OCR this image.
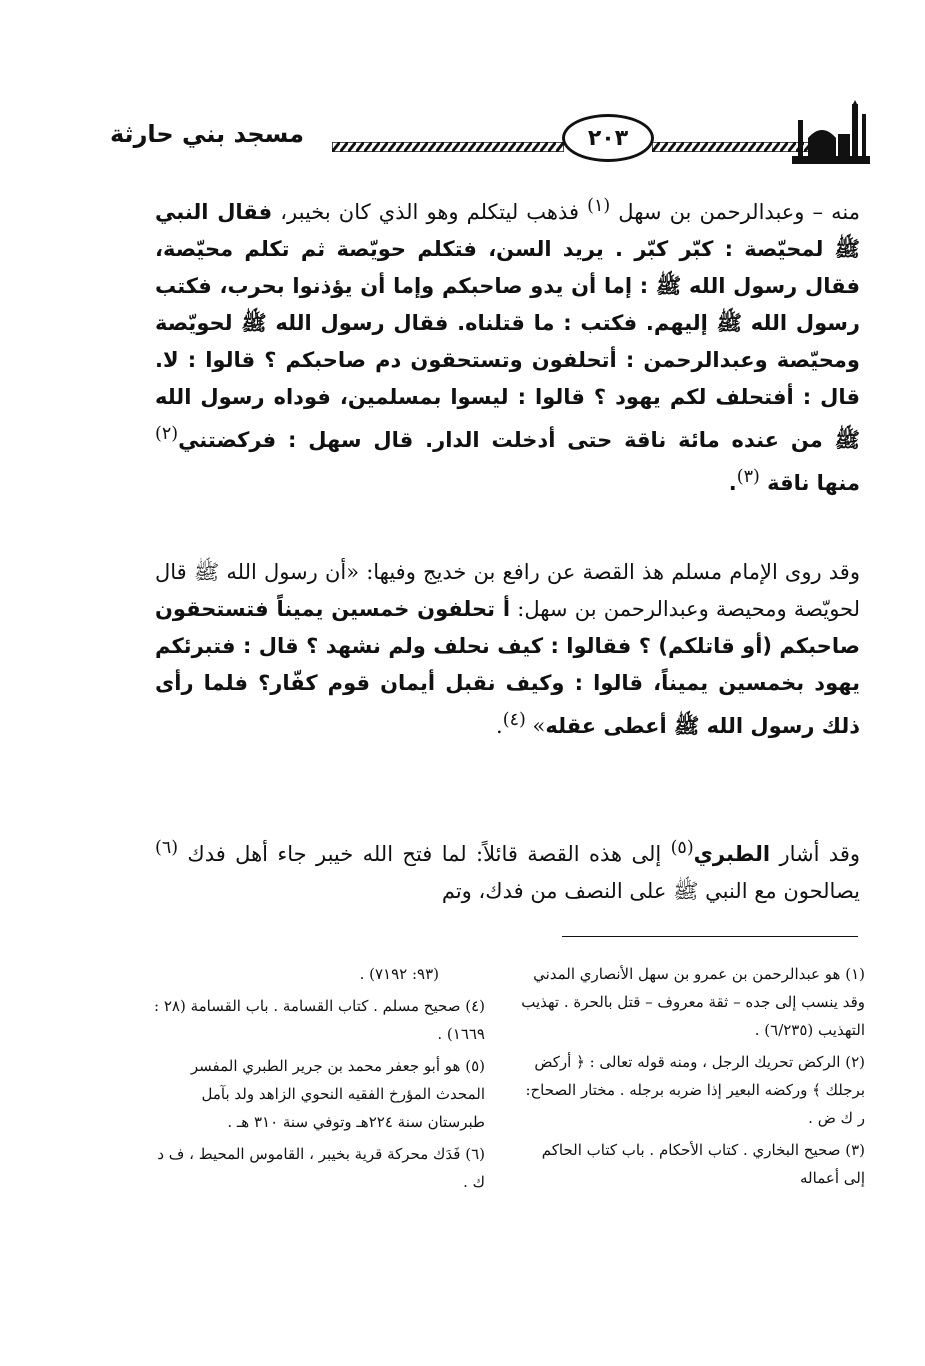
مسجد بني حارثة	٢٠٣

منه – وعبدالرحمن بن سهل $^{(١)}$ فذهب ليتكلم وهو الذي كان بخيبر، فقال النبي ﷺ لمحيّصة : كبّر كبّر . يريد السن، فتكلم حويّصة ثم تكلم محيّصة، فقال رسول الله ﷺ : إما أن يدو صاحبكم وإما أن يؤذنوا بحرب، فكتب رسول الله ﷺ إليهم. فكتب : ما قتلناه. فقال رسول الله ﷺ لحويّصة ومحيّصة وعبدالرحمن : أتحلفون وتستحقون دم صاحبكم ؟ قالوا : لا. قال : أفتحلف لكم يهود ؟ قالوا : ليسوا بمسلمين، فوداه رسول الله ﷺ من عنده مائة ناقة حتى أدخلت الدار. قال سهل : فركضتني$^{(٢)}$ منها ناقة $^{(٣)}$.

وقد روى الإمام مسلم هذ القصة عن رافع بن خديج وفيها: «أن رسول الله ﷺ قال لحويّصة ومحيصة وعبدالرحمن بن سهل: أ تحلفون خمسين يميناً فتستحقون صاحبكم (أو قاتلكم) ؟ فقالوا : كيف نحلف ولم نشهد ؟ قال : فتبرئكم يهود بخمسين يميناً، قالوا : وكيف نقبل أيمان قوم كفّار؟ فلما رأى ذلك رسول الله ﷺ أعطى عقله» $^{(٤)}$.

وقد أشار الطبري$^{(٥)}$ إلى هذه القصة قائلاً: لما فتح الله خيبر جاء أهل فدك $^{(٦)}$ يصالحون مع النبي ﷺ على النصف من فدك، وتم

(١) هو عبدالرحمن بن عمرو بن سهل الأنصاري المدني وقد ينسب إلى جده – ثقة معروف – قتل بالحرة . تهذيب التهذيب (٦/٢٣٥) .

(٢) الركض تحريك الرجل ، ومنه قوله تعالى : ﴿ أركض برجلك ﴾ وركضه البعير إذا ضربه برجله . مختار الصحاح: ر ك ض .

(٣) صحيح البخاري . كتاب الأحكام . باب كتاب الحاكم إلى أعماله

(٩٣: ٧١٩٢) .

(٤) صحيح مسلم . كتاب القسامة . باب القسامة (٢٨ : ١٦٦٩) .

(٥) هو أبو جعفر محمد بن جرير الطبري المفسر المحدث المؤرخ الفقيه النحوي الزاهد ولد بآمل طبرستان سنة ٢٢٤هـ وتوفي سنة ٣١٠ هـ .

(٦) فَدَك محركة قرية بخيبر ، القاموس المحيط ، ف د ك .
